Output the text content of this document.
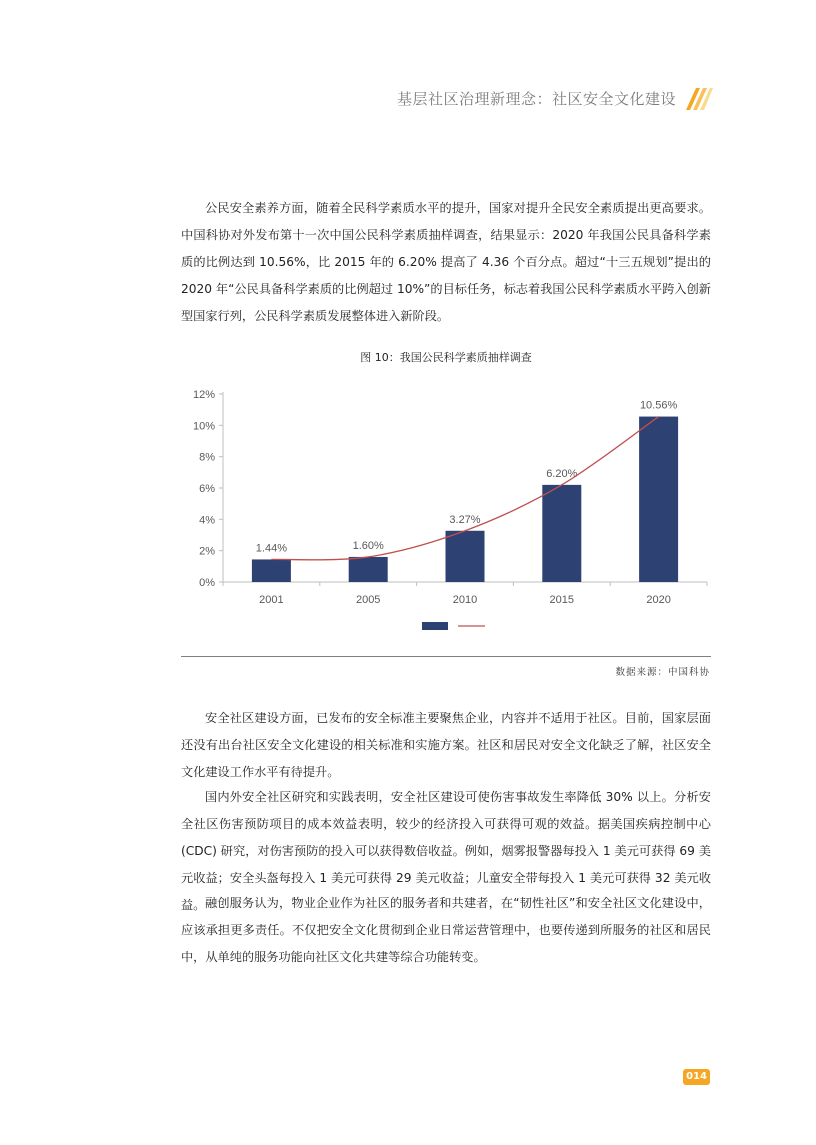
基层社区治理新理念：社区安全文化建设

公民安全素养方面，随着全民科学素质水平的提升，国家对提升全民安全素质提出更高要求。中国科协对外发布第十一次中国公民科学素质抽样调查，结果显示：2020 年我国公民具备科学素质的比例达到 10.56%，比 2015 年的 6.20% 提高了 4.36 个百分点。超过“十三五规划”提出的 2020 年“公民具备科学素质的比例超过 10%”的目标任务，标志着我国公民科学素质水平跨入创新型国家行列，公民科学素质发展整体进入新阶段。

图 10：我国公民科学素质抽样调查
0%
2%
4%
6%
8%
10%
12%
1.44%	1.60%
3.27%
6.20%
10.56%
2001	2005	2010	2015	2020
数据来源：中国科协

安全社区建设方面，已发布的安全标准主要聚焦企业，内容并不适用于社区。目前，国家层面还没有出台社区安全文化建设的相关标准和实施方案。社区和居民对安全文化缺乏了解，社区安全文化建设工作水平有待提升。

国内外安全社区研究和实践表明，安全社区建设可使伤害事故发生率降低 30% 以上。分析安全社区伤害预防项目的成本效益表明，较少的经济投入可获得可观的效益。据美国疾病控制中心 (CDC) 研究，对伤害预防的投入可以获得数倍收益。例如，烟雾报警器每投入 1 美元可获得 69 美元收益；安全头盔每投入 1 美元可获得 29 美元收益；儿童安全带每投入 1 美元可获得 32 美元收益。 融创服务认为，物业企业作为社区的服务者和共建者，在“韧性社区”和安全社区文化建设中，应该承担更多责任。不仅把安全文化贯彻到企业日常运营管理中，也要传递到所服务的社区和居民中，从单纯的服务功能向社区文化共建等综合功能转变。

014
